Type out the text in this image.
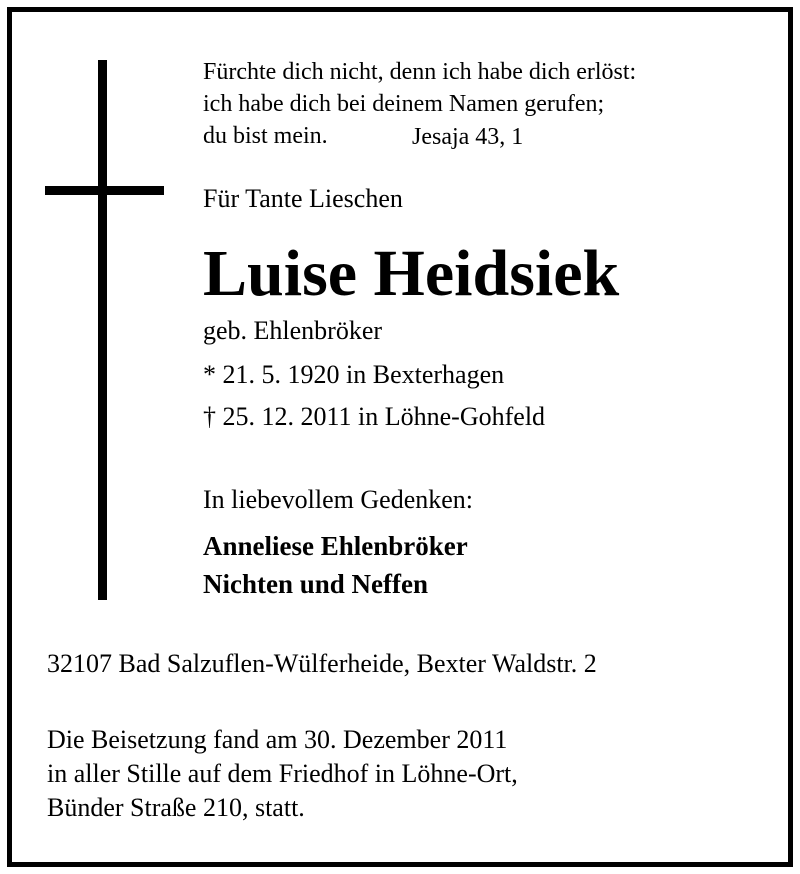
Fürchte dich nicht, denn ich habe dich erlöst:
ich habe dich bei deinem Namen gerufen;
du bist mein.	Jesaja 43, 1
Für Tante Lieschen
Luise Heidsiek
geb. Ehlenbröker
* 21. 5. 1920 in Bexterhagen
† 25. 12. 2011 in Löhne-Gohfeld
In liebevollem Gedenken:
Anneliese Ehlenbröker
Nichten und Neffen
32107 Bad Salzuflen-Wülferheide, Bexter Waldstr. 2
Die Beisetzung fand am 30. Dezember 2011
in aller Stille auf dem Friedhof in Löhne-Ort,
Bünder Straße 210, statt.
